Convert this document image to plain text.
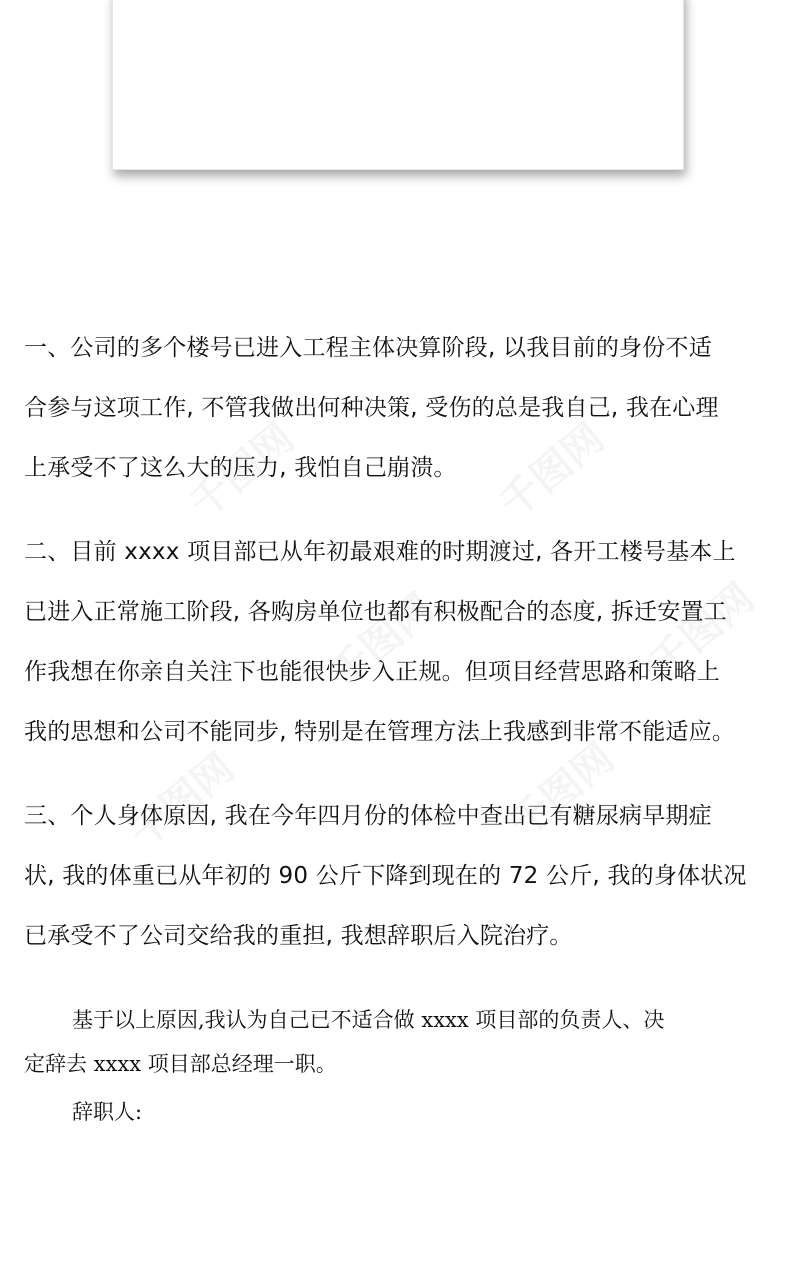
千图网	千图网
千图网
千图网	千图网
千图网

一、公司的多个楼号已进入工程主体决算阶段, 以我目前的身份不适
合参与这项工作, 不管我做出何种决策, 受伤的总是我自己, 我在心理
上承受不了这么大的压力, 我怕自己崩溃。

二、目前 xxxx 项目部已从年初最艰难的时期渡过, 各开工楼号基本上
已进入正常施工阶段, 各购房单位也都有积极配合的态度, 拆迁安置工
作我想在你亲自关注下也能很快步入正规。但项目经营思路和策略上
我的思想和公司不能同步, 特别是在管理方法上我感到非常不能适应。

三、个人身体原因, 我在今年四月份的体检中查出已有糖尿病早期症
状, 我的体重已从年初的 90 公斤下降到现在的 72 公斤, 我的身体状况
已承受不了公司交给我的重担, 我想辞职后入院治疗。

基于以上原因,我认为自己已不适合做 xxxx 项目部的负责人、决
定辞去 xxxx 项目部总经理一职。

辞职人:
